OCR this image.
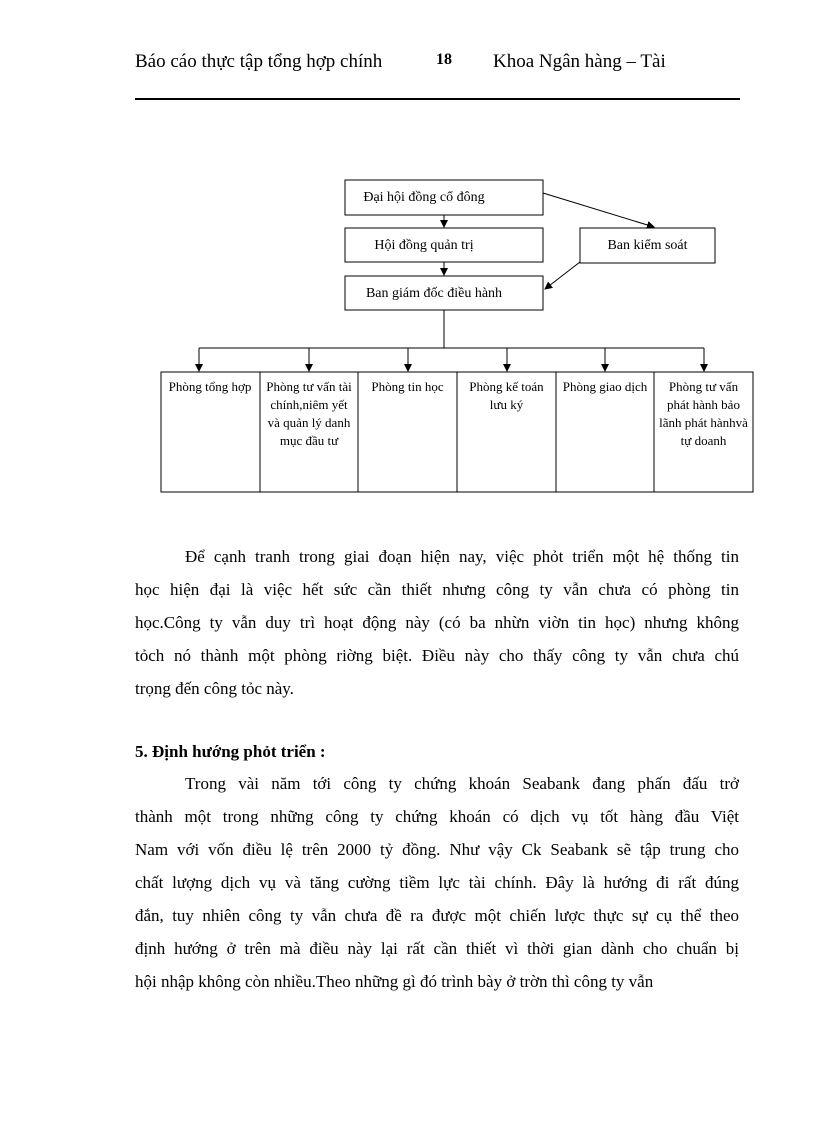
Báo cáo thực tập tổng hợp chính	18 Khoa Ngân hàng – Tài
Đại hội đồng cổ đông
Hội đồng quản trị	Ban kiểm soát
Ban giám đốc điều hành
Phòng tổng hợp Phòng tư vấn tài chính,niêm yết và quản lý danh mục đầu tư
Phòng tin học	Phòng kế toán lưu ký
Phòng giao dịch	Phòng tư vấn phát hành bảo lãnh phát hànhvà tự doanh
Để cạnh tranh trong giai đoạn hiện nay, việc phỏt triển một hệ thống tin
học hiện đại là việc hết sức cần thiết nhưng công ty vẫn chưa có phòng tin
học.Công ty vẫn duy trì hoạt động này (có ba nhừn viờn tin học) nhưng không
tỏch nó thành một phòng riờng biệt. Điều này cho thấy công ty vẫn chưa chú
trọng đến công tỏc này.
5. Định hướng phỏt triển :
Trong vài năm tới công ty chứng khoán Seabank đang phấn đấu trở
thành một trong những công ty chứng khoán có dịch vụ tốt hàng đầu Việt
Nam với vốn điều lệ trên 2000 tỷ đồng. Như vậy Ck Seabank sẽ tập trung cho
chất lượng dịch vụ và tăng cường tiềm lực tài chính. Đây là hướng đi rất đúng
đắn, tuy nhiên công ty vẫn chưa đề ra được một chiến lược thực sự cụ thể theo
định hướng ở trên mà điều này lại rất cần thiết vì thời gian dành cho chuẩn bị
hội nhập không còn nhiều.Theo những gì đó trình bày ở trờn thì công ty vẫn
